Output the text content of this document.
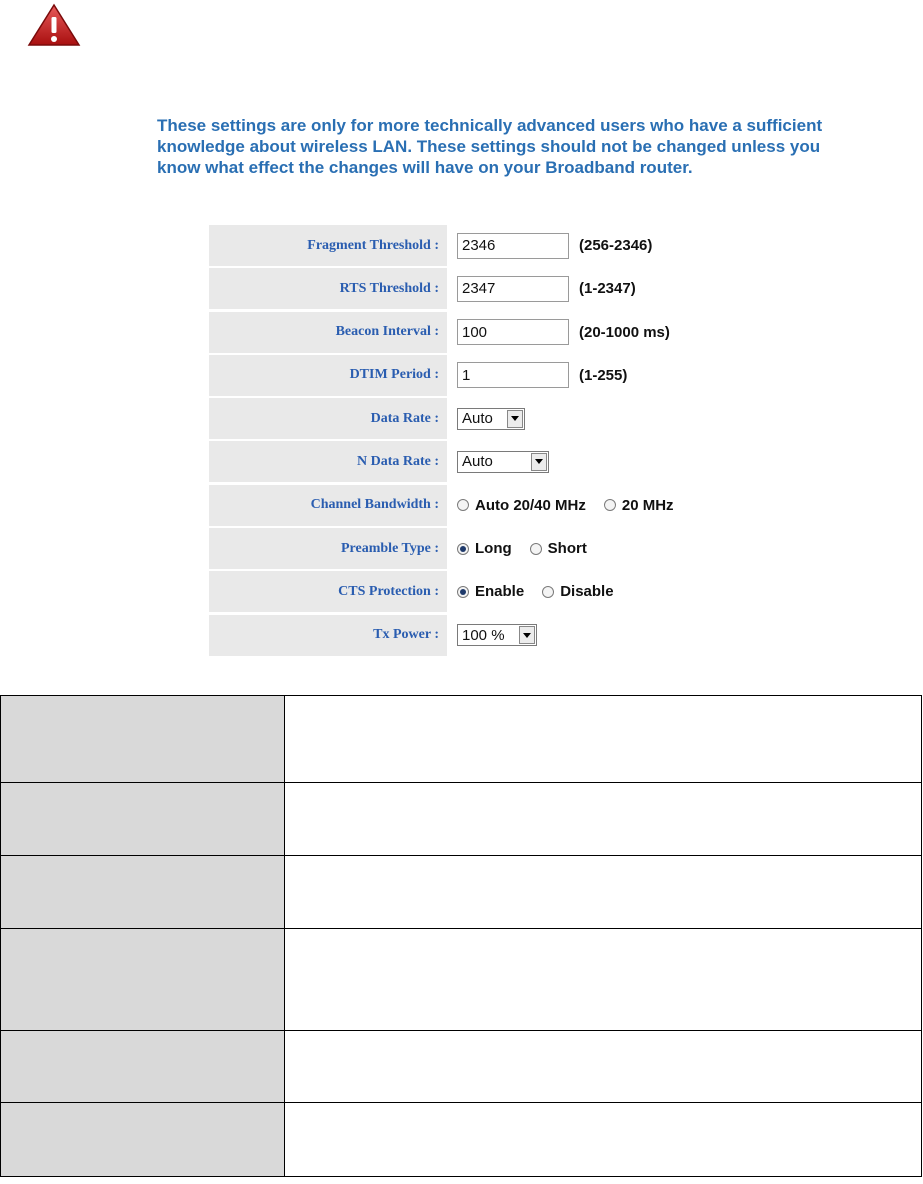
These settings are only for more technically advanced users who have a sufficient knowledge about wireless LAN. These settings should not be changed unless you know what effect the changes will have on your Broadband router.
Fragment Threshold :	2346	(256-2346)
RTS Threshold :	2347	(1-2347)
Beacon Interval :	100	(20-1000 ms)
DTIM Period :	1	(1-255)
Data Rate :	Auto
N Data Rate :	Auto
Channel Bandwidth :	Auto 20/40 MHz 20 MHz
Preamble Type :	Long Short
CTS Protection :	Enable Disable
Tx Power :	100 %
